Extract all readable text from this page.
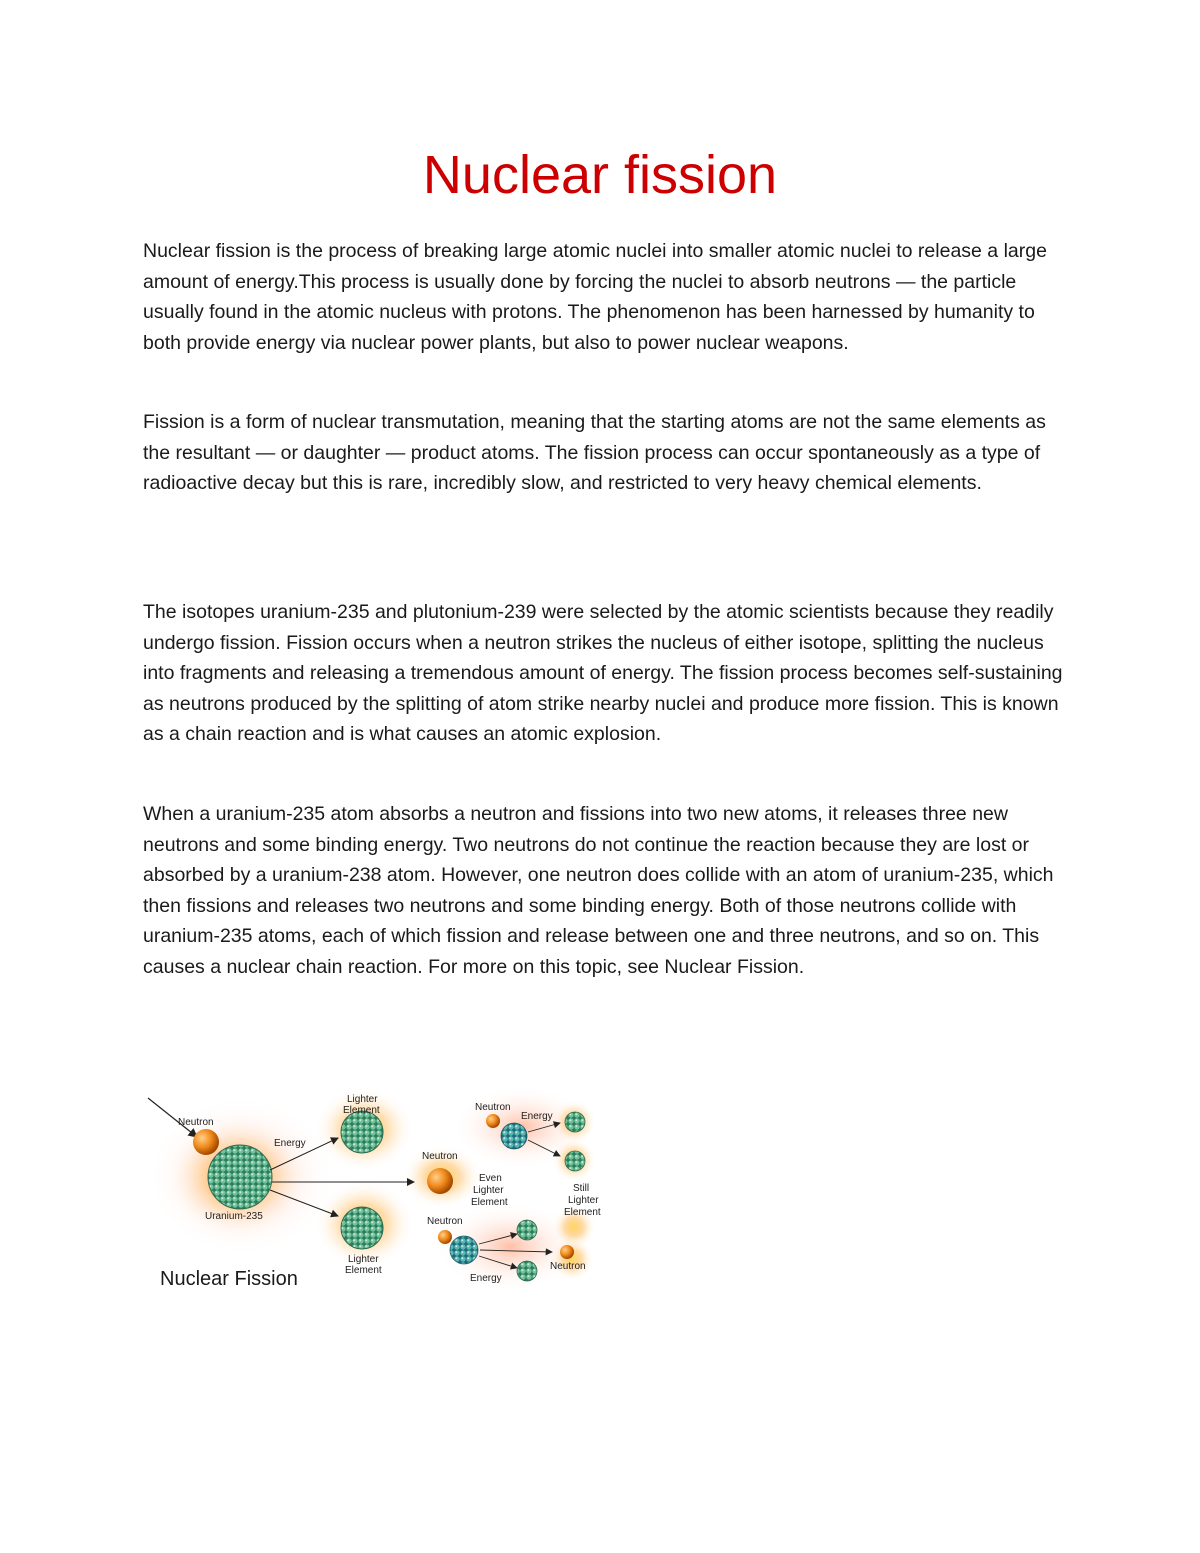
Nuclear fission

Nuclear fission is the process of breaking large atomic nuclei into smaller atomic nuclei to release a large amount of energy.This process is usually done by forcing the nuclei to absorb neutrons — the particle usually found in the atomic nucleus with protons. The phenomenon has been harnessed by humanity to both provide energy via nuclear power plants, but also to power nuclear weapons.

Fission is a form of nuclear transmutation, meaning that the starting atoms are not the same elements as the resultant — or daughter — product atoms. The fission process can occur spontaneously as a type of radioactive decay but this is rare, incredibly slow, and restricted to very heavy chemical elements.

The isotopes uranium-235 and plutonium-239 were selected by the atomic scientists because they readily undergo fission. Fission occurs when a neutron strikes the nucleus of either isotope, splitting the nucleus into fragments and releasing a tremendous amount of energy. The fission process becomes self-sustaining as neutrons produced by the splitting of atom strike nearby nuclei and produce more fission. This is known as a chain reaction and is what causes an atomic explosion.

When a uranium-235 atom absorbs a neutron and fissions into two new atoms, it releases three new neutrons and some binding energy. Two neutrons do not continue the reaction because they are lost or absorbed by a uranium-238 atom. However, one neutron does collide with an atom of uranium-235, which then fissions and releases two neutrons and some binding energy. Both of those neutrons collide with uranium-235 atoms, each of which fission and release between one and three neutrons, and so on. This causes a nuclear chain reaction. For more on this topic, see Nuclear Fission.

Neutron
Uranium-235
Energy
Lighter
Element
Lighter
Element
Neutron
Neutron
Energy
Even
Lighter
Element
Still
Lighter
Element
Neutron
Neutron
Energy
Nuclear Fission
